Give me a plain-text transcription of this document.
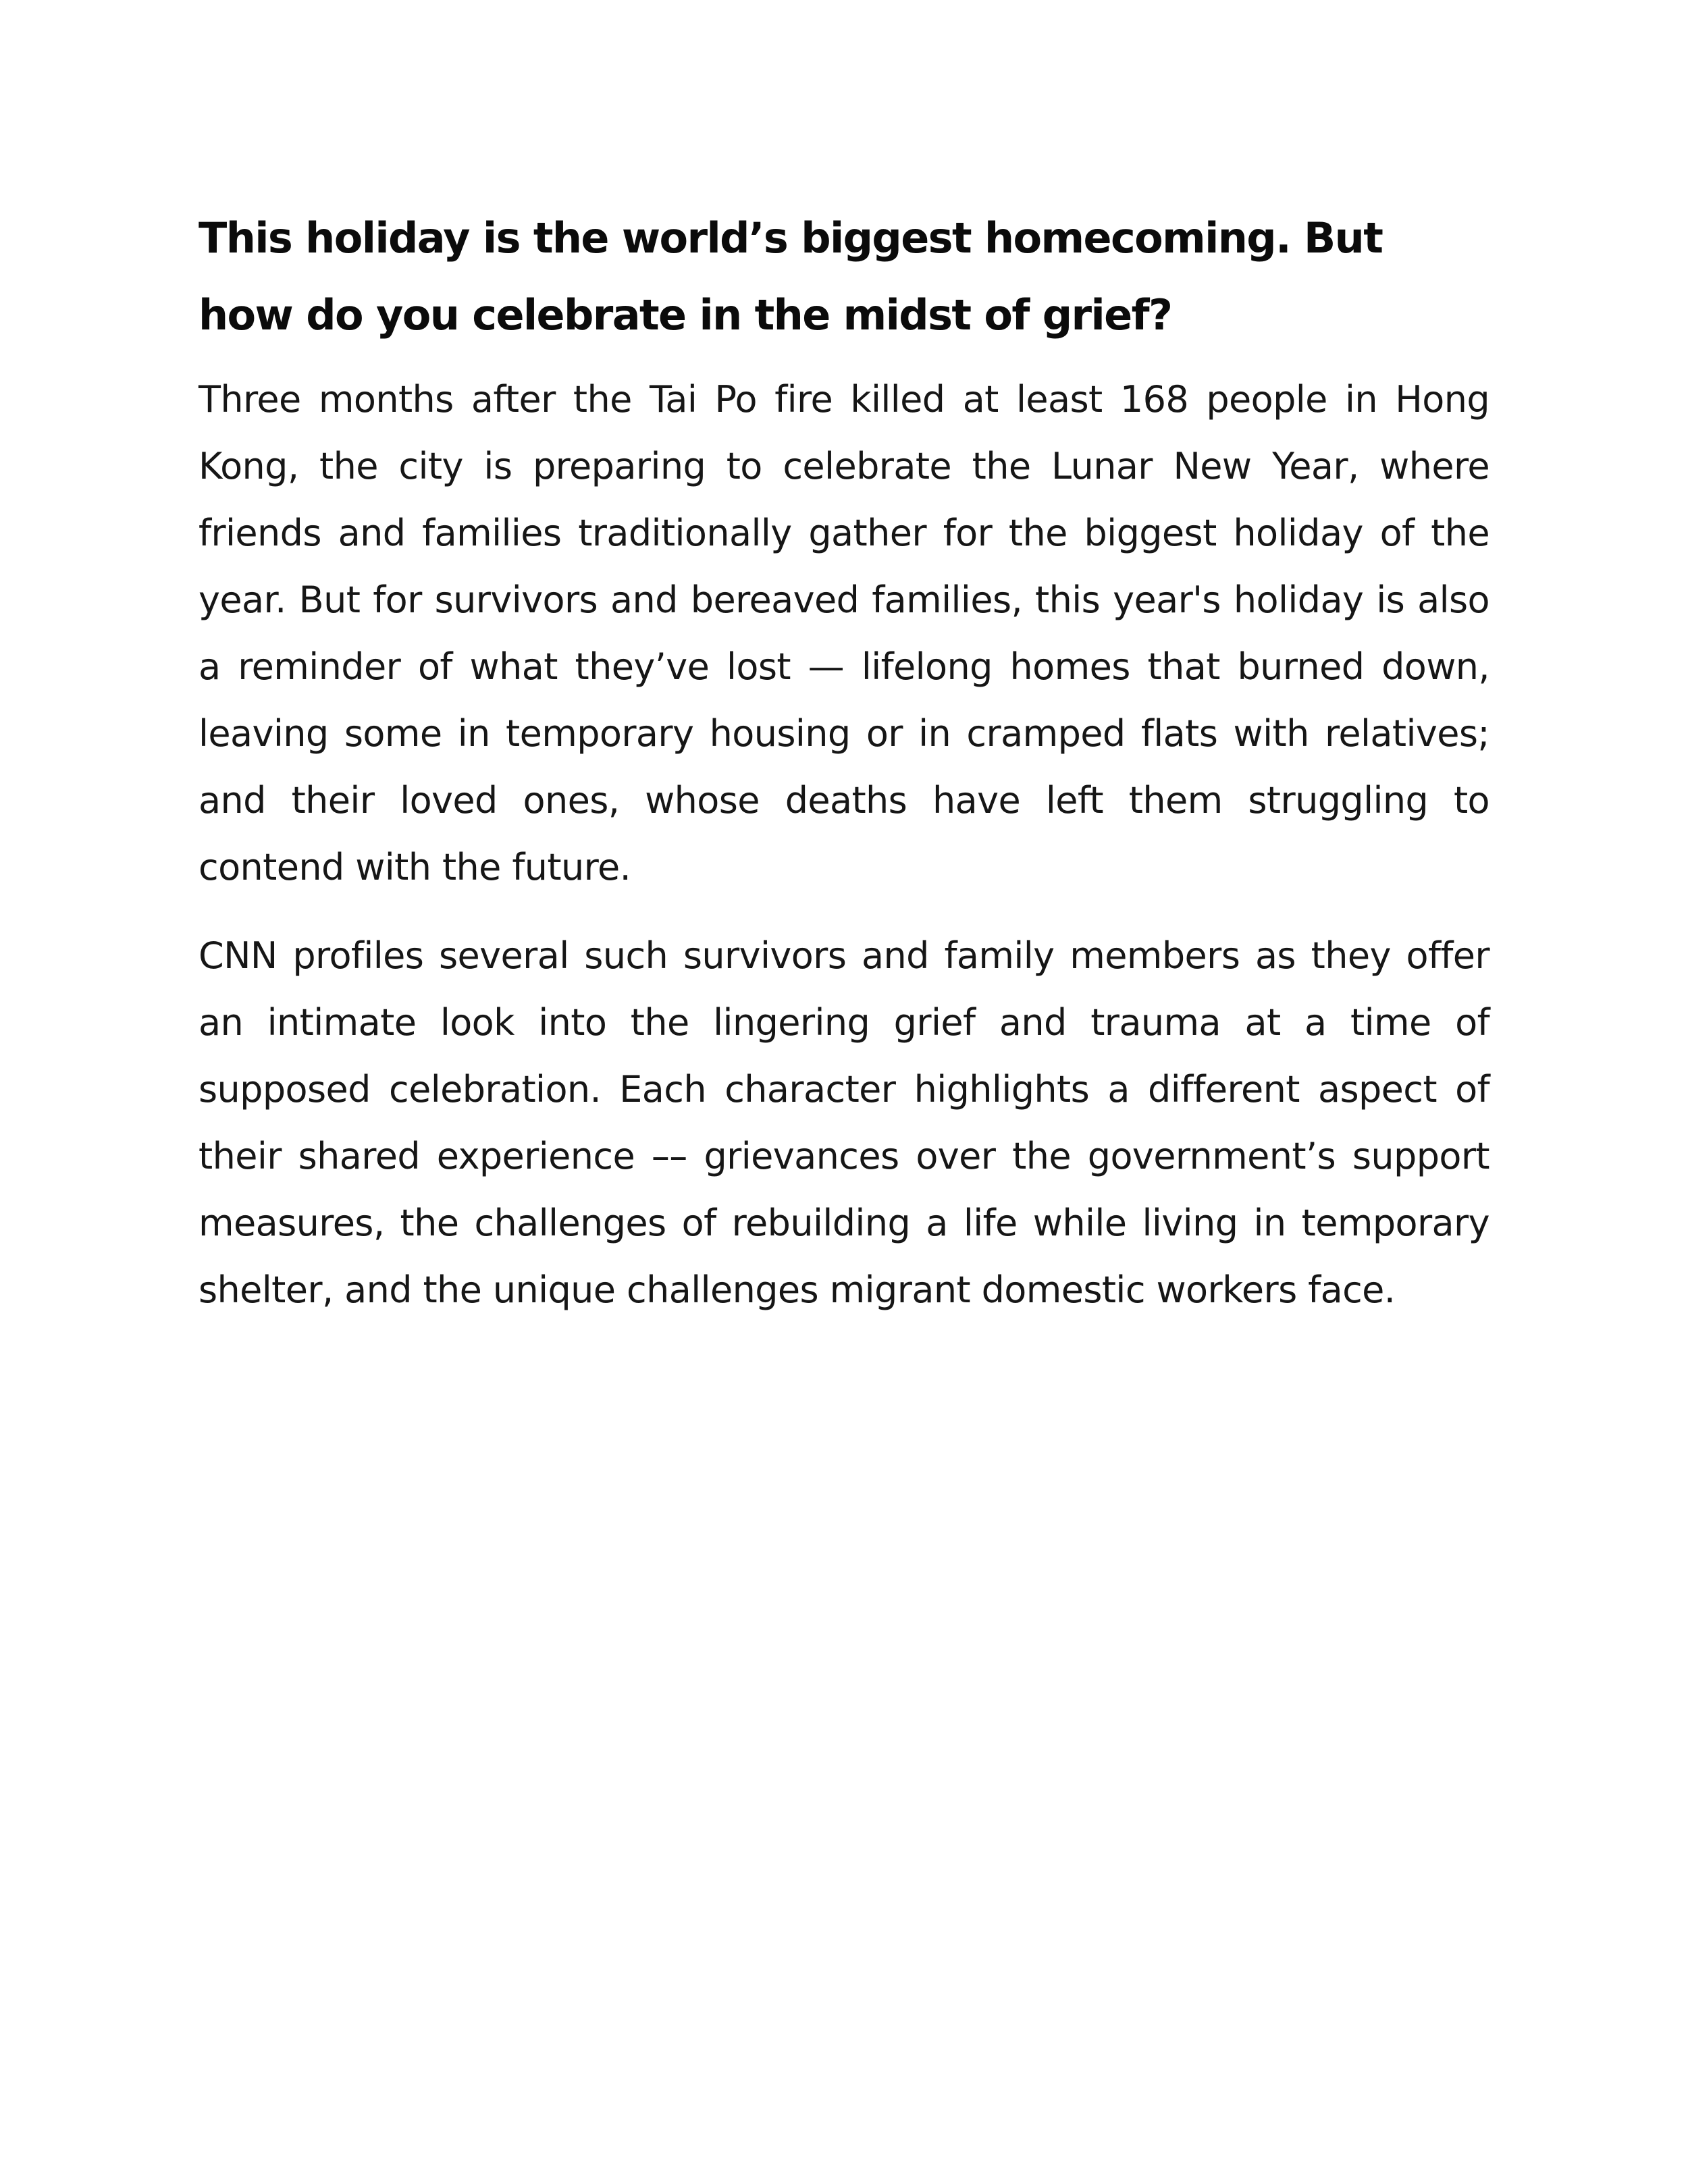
This holiday is the world’s biggest homecoming. But how do you celebrate in the midst of grief?

Three months after the Tai Po fire killed at least 168 people in Hong Kong, the city is preparing to celebrate the Lunar New Year, where friends and families traditionally gather for the biggest holiday of the year. But for survivors and bereaved families, this year's holiday is also a reminder of what they’ve lost — lifelong homes that burned down, leaving some in temporary housing or in cramped flats with relatives; and their loved ones, whose deaths have left them struggling to contend with the future.

CNN profiles several such survivors and family members as they offer an intimate look into the lingering grief and trauma at a time of supposed celebration. Each character highlights a different aspect of their shared experience –– grievances over the government’s support measures, the challenges of rebuilding a life while living in temporary shelter, and the unique challenges migrant domestic workers face.
